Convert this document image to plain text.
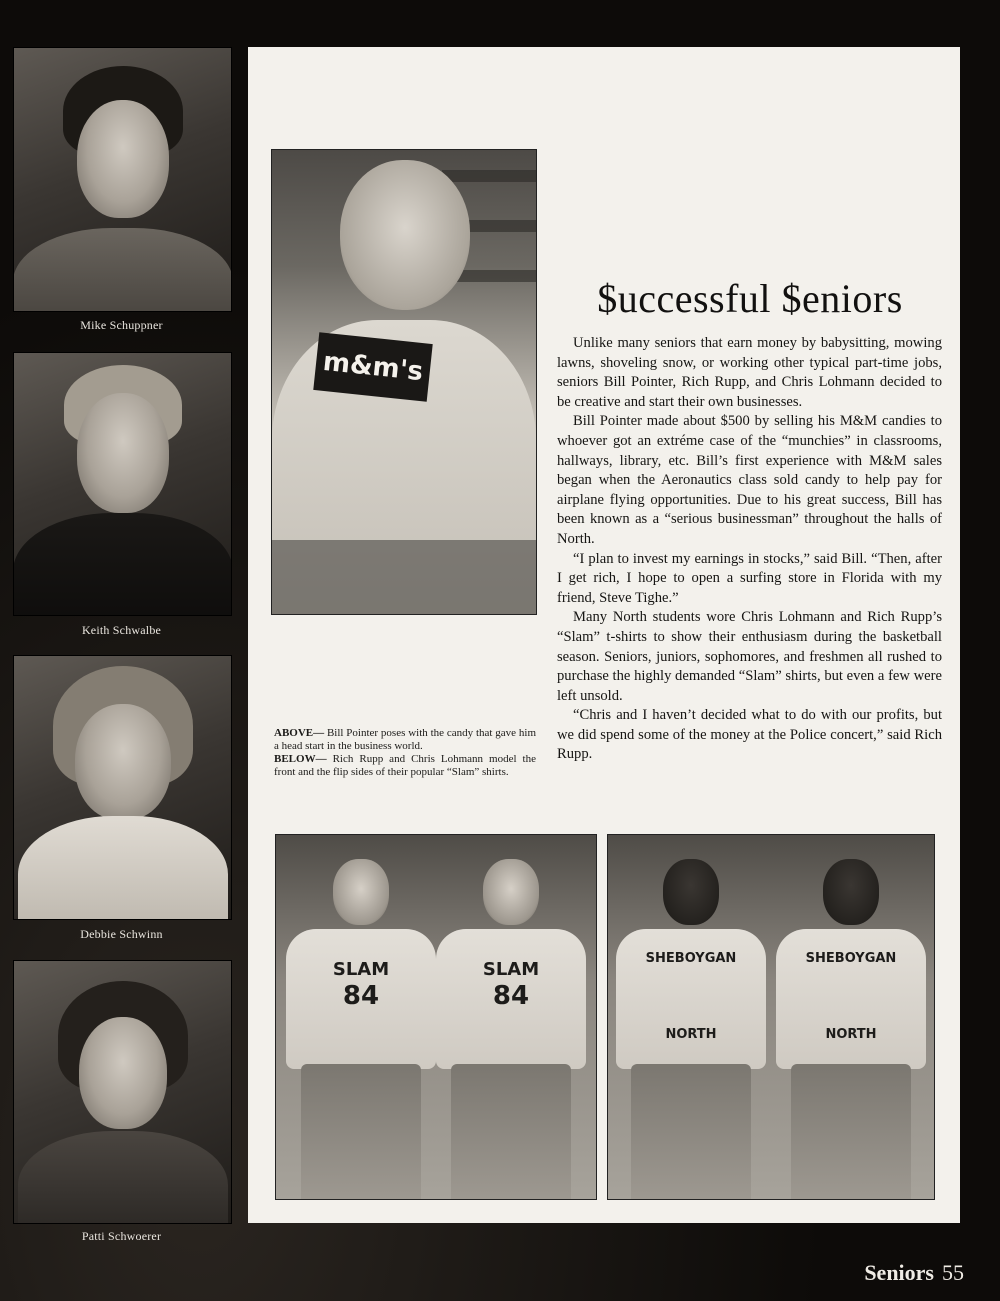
Mike Schuppner
Keith Schwalbe
Debbie Schwinn
Patti Schwoerer
m&m's
$uccessful $eniors

Unlike many seniors that earn money by babysitting, mowing lawns, shoveling snow, or working other typical part-time jobs, seniors Bill Pointer, Rich Rupp, and Chris Lohmann decided to be creative and start their own businesses.

Bill Pointer made about $500 by selling his M&M candies to whoever got an extréme case of the “munchies” in classrooms, hallways, library, etc. Bill’s first experience with M&M sales began when the Aeronautics class sold candy to help pay for airplane flying opportunities. Due to his great success, Bill has been known as a “serious businessman” throughout the halls of North.

“I plan to invest my earnings in stocks,” said Bill. “Then, after I get rich, I hope to open a surfing store in Florida with my friend, Steve Tighe.”

Many North students wore Chris Lohmann and Rich Rupp’s “Slam” t-shirts to show their enthusiasm during the basketball season. Seniors, juniors, sophomores, and freshmen all rushed to purchase the highly demanded “Slam” shirts, but even a few were left unsold.

“Chris and I haven’t decided what to do with our profits, but we did spend some of the money at the Police concert,” said Rich Rupp.

ABOVE— Bill Pointer poses with the candy that gave him a head start in the business world.

BELOW— Rich Rupp and Chris Lohmann model the front and the flip sides of their popular “Slam” shirts.

SLAM
84
SLAM
84
SHEBOYGAN
NORTH
SHEBOYGAN
NORTH
Seniors 55
